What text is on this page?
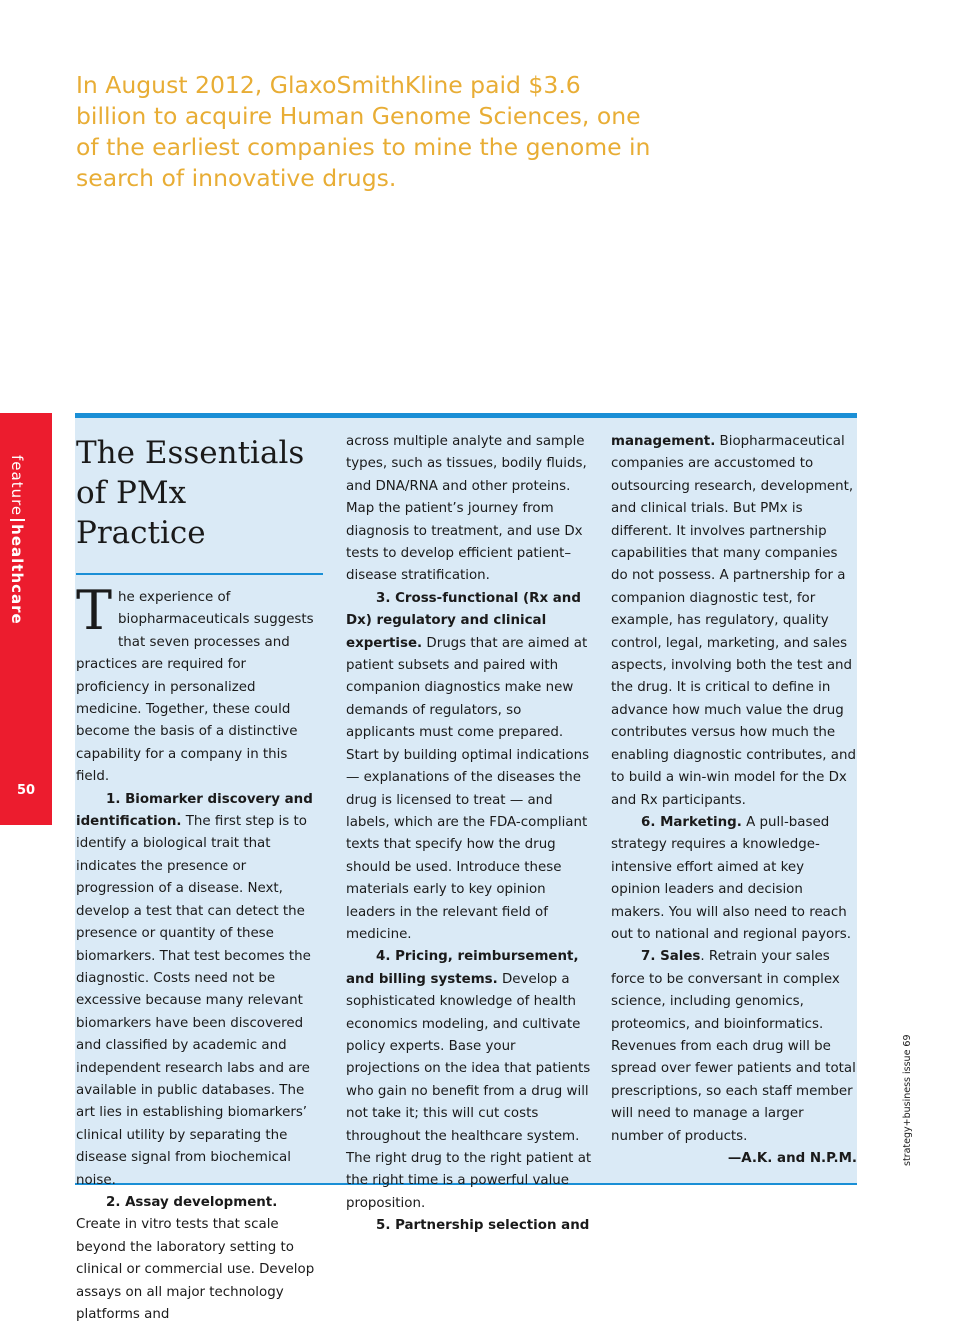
In August 2012, GlaxoSmithKline paid $3.6 billion to acquire Human Genome Sciences, one of the earliest companies to mine the genome in search of innovative drugs.

featurehealthcare
50
The Essentials of PMx Practice

The experience of biopharmaceuticals suggests that seven processes and practices are required for proficiency in personalized medicine. Together, these could become the basis of a distinctive capability for a company in this field.

1. Biomarker discovery and identification. The first step is to identify a biological trait that indicates the presence or progression of a disease. Next, develop a test that can detect the presence or quantity of these biomarkers. That test becomes the diagnostic. Costs need not be excessive because many relevant biomarkers have been discovered and classified by academic and independent research labs and are available in public databases. The art lies in establishing biomarkers’ clinical utility by separating the disease signal from biochemical noise.

2. Assay development. Create in vitro tests that scale beyond the laboratory setting to clinical or commercial use. Develop assays on all major technology platforms and

across multiple analyte and sample types, such as tissues, bodily fluids, and DNA/RNA and other proteins. Map the patient’s journey from diagnosis to treatment, and use Dx tests to develop efficient patient–disease stratification.

3. Cross-functional (Rx and Dx) regulatory and clinical expertise. Drugs that are aimed at patient subsets and paired with companion diagnostics make new demands of regulators, so applicants must come prepared. Start by building optimal indications — explanations of the diseases the drug is licensed to treat — and labels, which are the FDA-compliant texts that specify how the drug should be used. Introduce these materials early to key opinion leaders in the relevant field of medicine.

4. Pricing, reimbursement, and billing systems. Develop a sophisticated knowledge of health economics modeling, and cultivate policy experts. Base your projections on the idea that patients who gain no benefit from a drug will not take it; this will cut costs throughout the healthcare system. The right drug to the right patient at the right time is a powerful value proposition.

5. Partnership selection and

management. Biopharmaceutical companies are accustomed to outsourcing research, development, and clinical trials. But PMx is different. It involves partnership capabilities that many companies do not possess. A partnership for a companion diagnostic test, for example, has regulatory, quality control, legal, marketing, and sales aspects, involving both the test and the drug. It is critical to define in advance how much value the drug contributes versus how much the enabling diagnostic contributes, and to build a win-win model for the Dx and Rx participants.

6. Marketing. A pull-based strategy requires a knowledge-intensive effort aimed at key opinion leaders and decision makers. You will also need to reach out to national and regional payors.

7. Sales. Retrain your sales force to be conversant in complex science, including genomics, proteomics, and bioinformatics. Revenues from each drug will be spread over fewer patients and total prescriptions, so each staff member will need to manage a larger number of products.

—A.K. and N.P.M.	strategy+business issue 69
